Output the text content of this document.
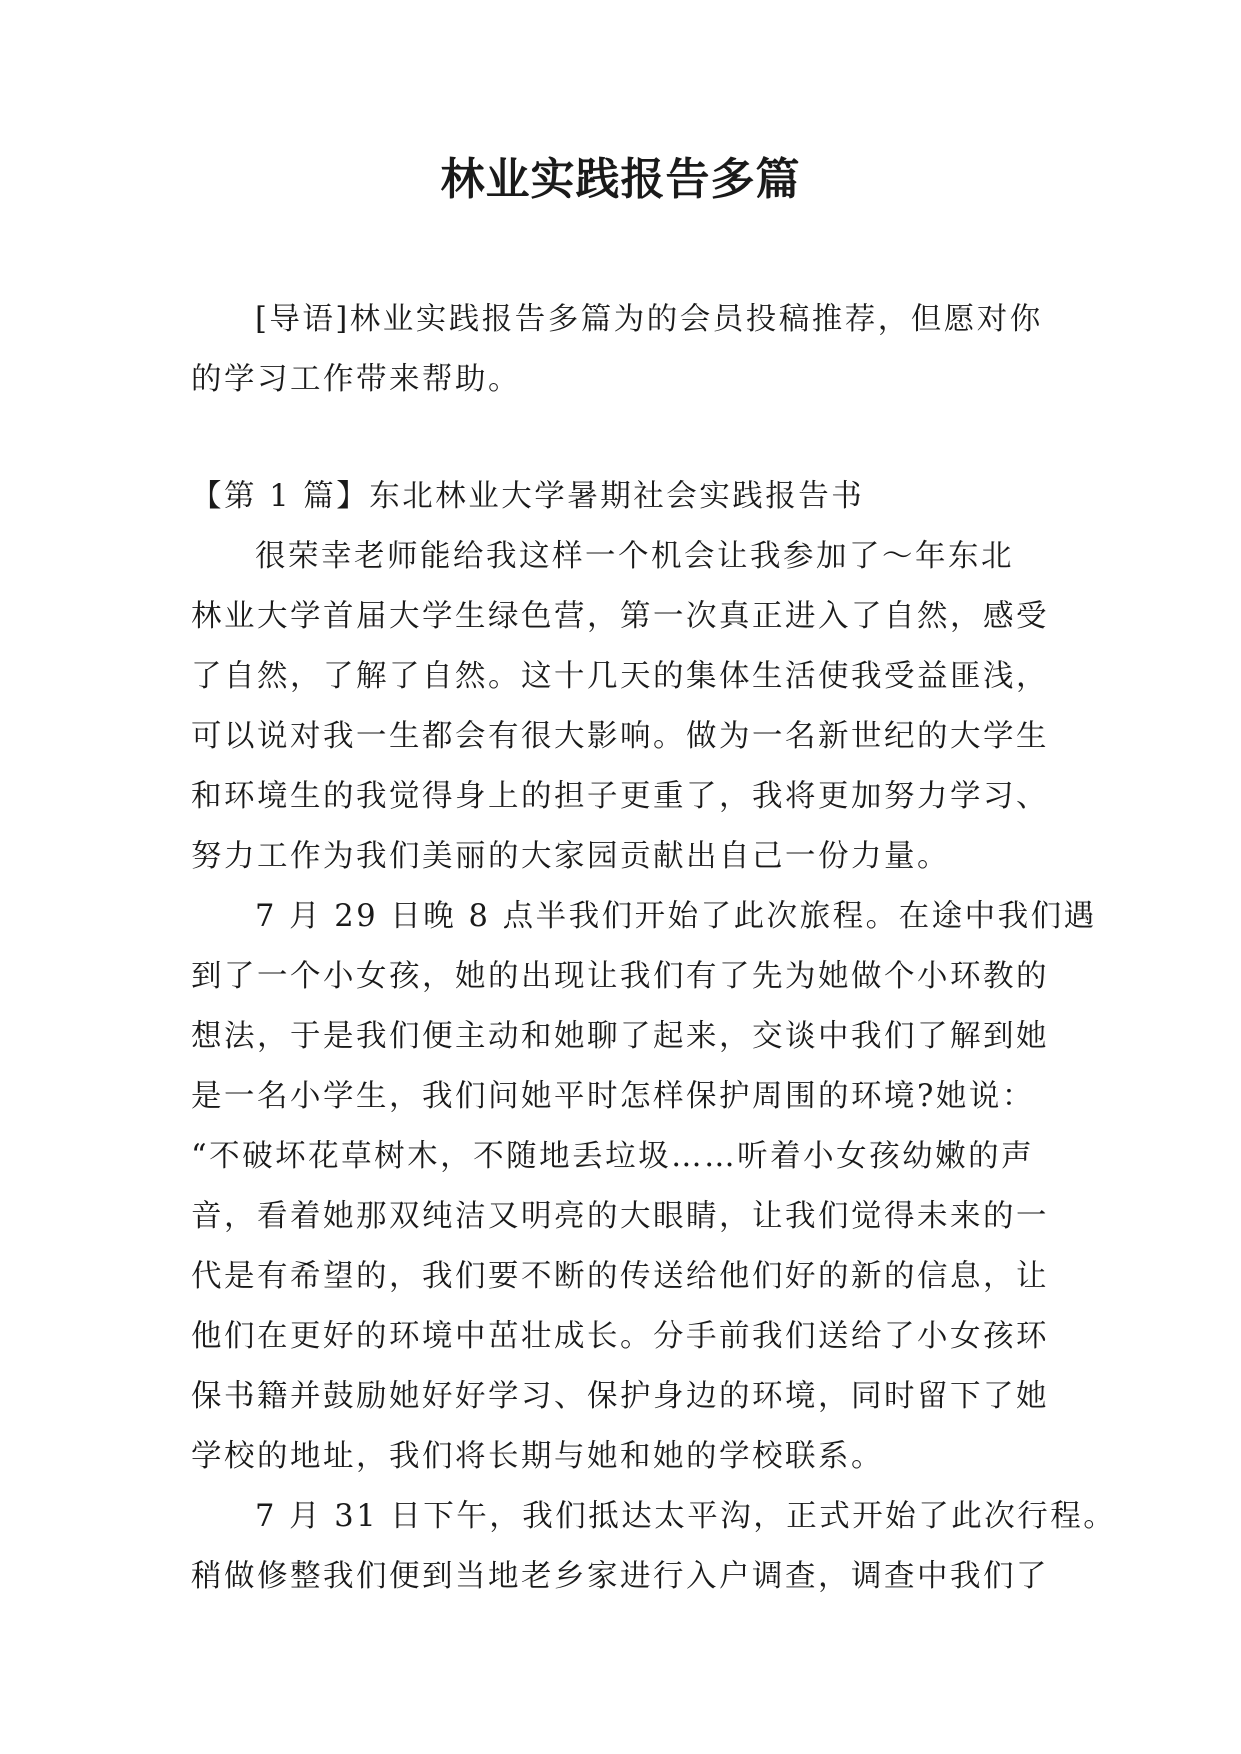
林业实践报告多篇
[导语]林业实践报告多篇为的会员投稿推荐，但愿对你
的学习工作带来帮助。
【第 1 篇】东北林业大学暑期社会实践报告书
很荣幸老师能给我这样一个机会让我参加了～年东北
林业大学首届大学生绿色营，第一次真正进入了自然，感受
了自然，了解了自然。这十几天的集体生活使我受益匪浅，
可以说对我一生都会有很大影响。做为一名新世纪的大学生
和环境生的我觉得身上的担子更重了，我将更加努力学习、
努力工作为我们美丽的大家园贡献出自己一份力量。
7 月 29 日晚 8 点半我们开始了此次旅程。在途中我们遇
到了一个小女孩，她的出现让我们有了先为她做个小环教的
想法，于是我们便主动和她聊了起来，交谈中我们了解到她
是一名小学生，我们问她平时怎样保护周围的环境?她说：
“不破坏花草树木，不随地丢垃圾……听着小女孩幼嫩的声
音，看着她那双纯洁又明亮的大眼睛，让我们觉得未来的一
代是有希望的，我们要不断的传送给他们好的新的信息，让
他们在更好的环境中茁壮成长。分手前我们送给了小女孩环
保书籍并鼓励她好好学习、保护身边的环境，同时留下了她
学校的地址，我们将长期与她和她的学校联系。
7 月 31 日下午，我们抵达太平沟，正式开始了此次行程。
稍做修整我们便到当地老乡家进行入户调查，调查中我们了
